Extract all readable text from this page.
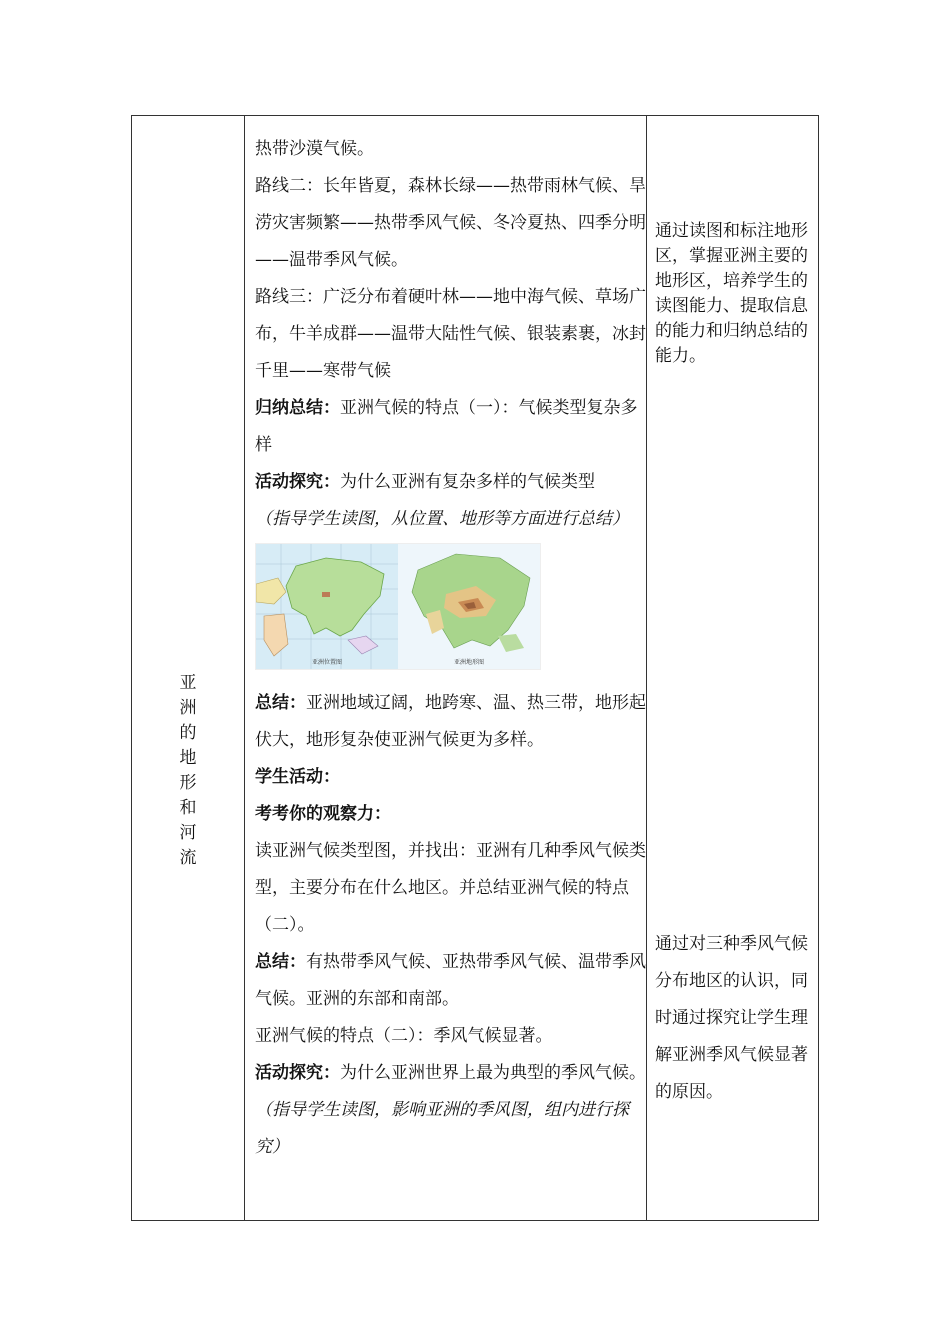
亚洲的地形和河流

热带沙漠气候。

路线二：长年皆夏，森林长绿——热带雨林气候、旱涝灾害频繁——热带季风气候、冬冷夏热、四季分明——温带季风气候。

路线三：广泛分布着硬叶林——地中海气候、草场广布，牛羊成群——温带大陆性气候、银装素裹，冰封千里——寒带气候

归纳总结：亚洲气候的特点（一）：气候类型复杂多样

活动探究：为什么亚洲有复杂多样的气候类型

（指导学生读图，从位置、地形等方面进行总结）

亚洲位置图	亚洲地形图

总结：亚洲地域辽阔，地跨寒、温、热三带，地形起伏大，地形复杂使亚洲气候更为多样。

学生活动：

考考你的观察力：

读亚洲气候类型图，并找出：亚洲有几种季风气候类型，主要分布在什么地区。并总结亚洲气候的特点（二）。

总结：有热带季风气候、亚热带季风气候、温带季风气候。亚洲的东部和南部。

亚洲气候的特点（二）：季风气候显著。

活动探究：为什么亚洲世界上最为典型的季风气候。（指导学生读图，影响亚洲的季风图，组内进行探究）

通过读图和标注地形区，掌握亚洲主要的地形区，培养学生的读图能力、提取信息的能力和归纳总结的能力。
通过对三种季风气候分布地区的认识，同时通过探究让学生理解亚洲季风气候显著的原因。
